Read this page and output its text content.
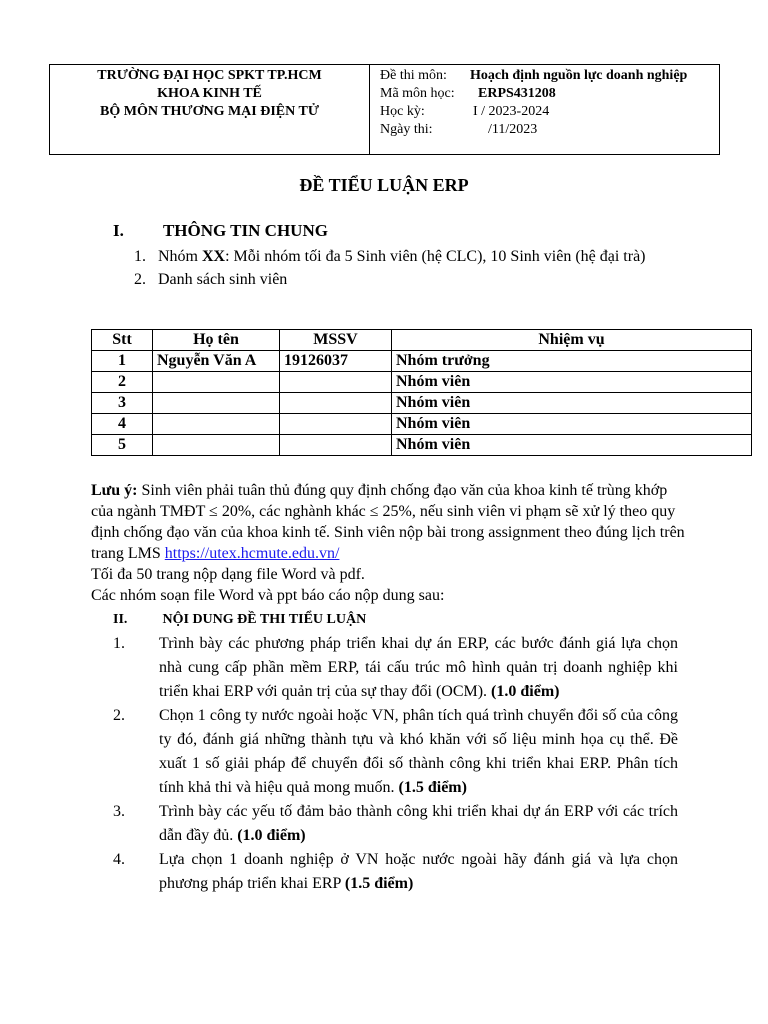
TRƯỜNG ĐẠI HỌC SPKT TP.HCM
KHOA KINH TẾ
BỘ MÔN THƯƠNG MẠI ĐIỆN TỬ
Đề thi môn:	Hoạch định nguồn lực doanh nghiệp
Mã môn học:	ERPS431208
Học kỳ:	I / 2023-2024
Ngày thi:	/11/2023
ĐỀ TIỂU LUẬN ERP
I. THÔNG TIN CHUNG
1. Nhóm XX: Mỗi nhóm tối đa 5 Sinh viên (hệ CLC), 10 Sinh viên (hệ đại trà)
2. Danh sách sinh viên
Stt	Họ tên	MSSV	Nhiệm vụ
1	Nguyễn Văn A	19126037	Nhóm trưởng
2			Nhóm viên
3			Nhóm viên
4			Nhóm viên
5			Nhóm viên
Lưu ý: Sinh viên phải tuân thủ đúng quy định chống đạo văn của khoa kinh tế trùng khớp của ngành TMĐT ≤ 20%, các nghành khác ≤ 25%, nếu sinh viên vi phạm sẽ xử lý theo quy định chống đạo văn của khoa kinh tế. Sinh viên nộp bài trong assignment theo đúng lịch trên trang LMS https://utex.hcmute.edu.vn/
Tối đa 50 trang nộp dạng file Word và pdf.
Các nhóm soạn file Word và ppt báo cáo nộp dung sau:
II.	NỘI DUNG ĐỀ THI TIỂU LUẬN
1.	Trình bày các phương pháp triển khai dự án ERP, các bước đánh giá lựa chọn nhà cung cấp phần mềm ERP, tái cấu trúc mô hình quản trị doanh nghiệp khi triển khai ERP với quản trị của sự thay đổi (OCM). (1.0 điểm)
2.	Chọn 1 công ty nước ngoài hoặc VN, phân tích quá trình chuyển đổi số của công ty đó, đánh giá những thành tựu và khó khăn với số liệu minh họa cụ thể. Đề xuất 1 số giải pháp để chuyển đổi số thành công khi triển khai ERP. Phân tích tính khả thi và hiệu quả mong muốn. (1.5 điểm)
3.	Trình bày các yếu tố đảm bảo thành công khi triển khai dự án ERP với các trích dẫn đầy đủ. (1.0 điểm)
4.	Lựa chọn 1 doanh nghiệp ở VN hoặc nước ngoài hãy đánh giá và lựa chọn phương pháp triển khai ERP (1.5 điểm)
